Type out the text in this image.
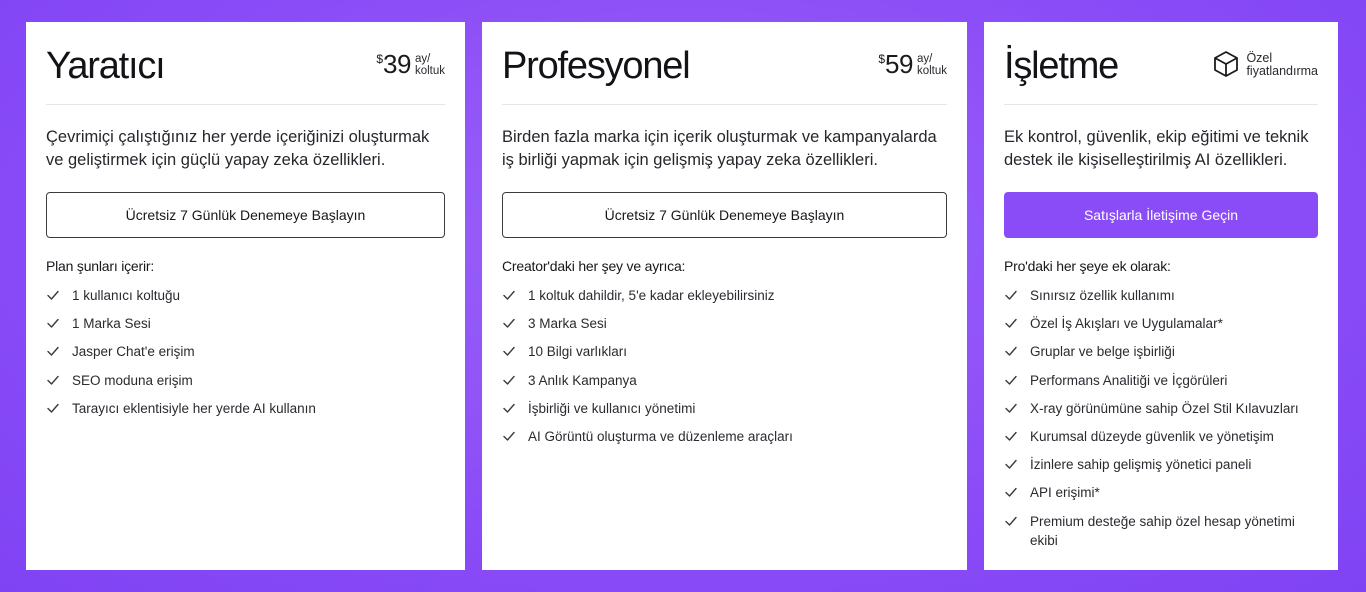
Yaratıcı	$ 39 ay/
koltuk

Çevrimiçi çalıştığınız her yerde içeriğinizi oluşturmak ve geliştirmek için güçlü yapay zeka özellikleri.

Ücretsiz 7 Günlük Denemeye Başlayın
Plan şunları içerir:
1 kullanıcı koltuğu
1 Marka Sesi
Jasper Chat'e erişim
SEO moduna erişim
Tarayıcı eklentisiyle her yerde AI kullanın
Profesyonel	$ 59 ay/
koltuk

Birden fazla marka için içerik oluşturmak ve kampanyalarda iş birliği yapmak için gelişmiş yapay zeka özellikleri.

Ücretsiz 7 Günlük Denemeye Başlayın
Creator'daki her şey ve ayrıca:
1 koltuk dahildir, 5'e kadar ekleyebilirsiniz
3 Marka Sesi
10 Bilgi varlıkları
3 Anlık Kampanya
İşbirliği ve kullanıcı yönetimi
AI Görüntü oluşturma ve düzenleme araçları
İşletme	Özel
fiyatlandırma

Ek kontrol, güvenlik, ekip eğitimi ve teknik destek ile kişiselleştirilmiş AI özellikleri.

Satışlarla İletişime Geçin
Pro'daki her şeye ek olarak:
Sınırsız özellik kullanımı
Özel İş Akışları ve Uygulamalar*
Gruplar ve belge işbirliği
Performans Analitiği ve İçgörüleri
X-ray görünümüne sahip Özel Stil Kılavuzları
Kurumsal düzeyde güvenlik ve yönetişim
İzinlere sahip gelişmiş yönetici paneli
API erişimi*
Premium desteğe sahip özel hesap yönetimi ekibi
